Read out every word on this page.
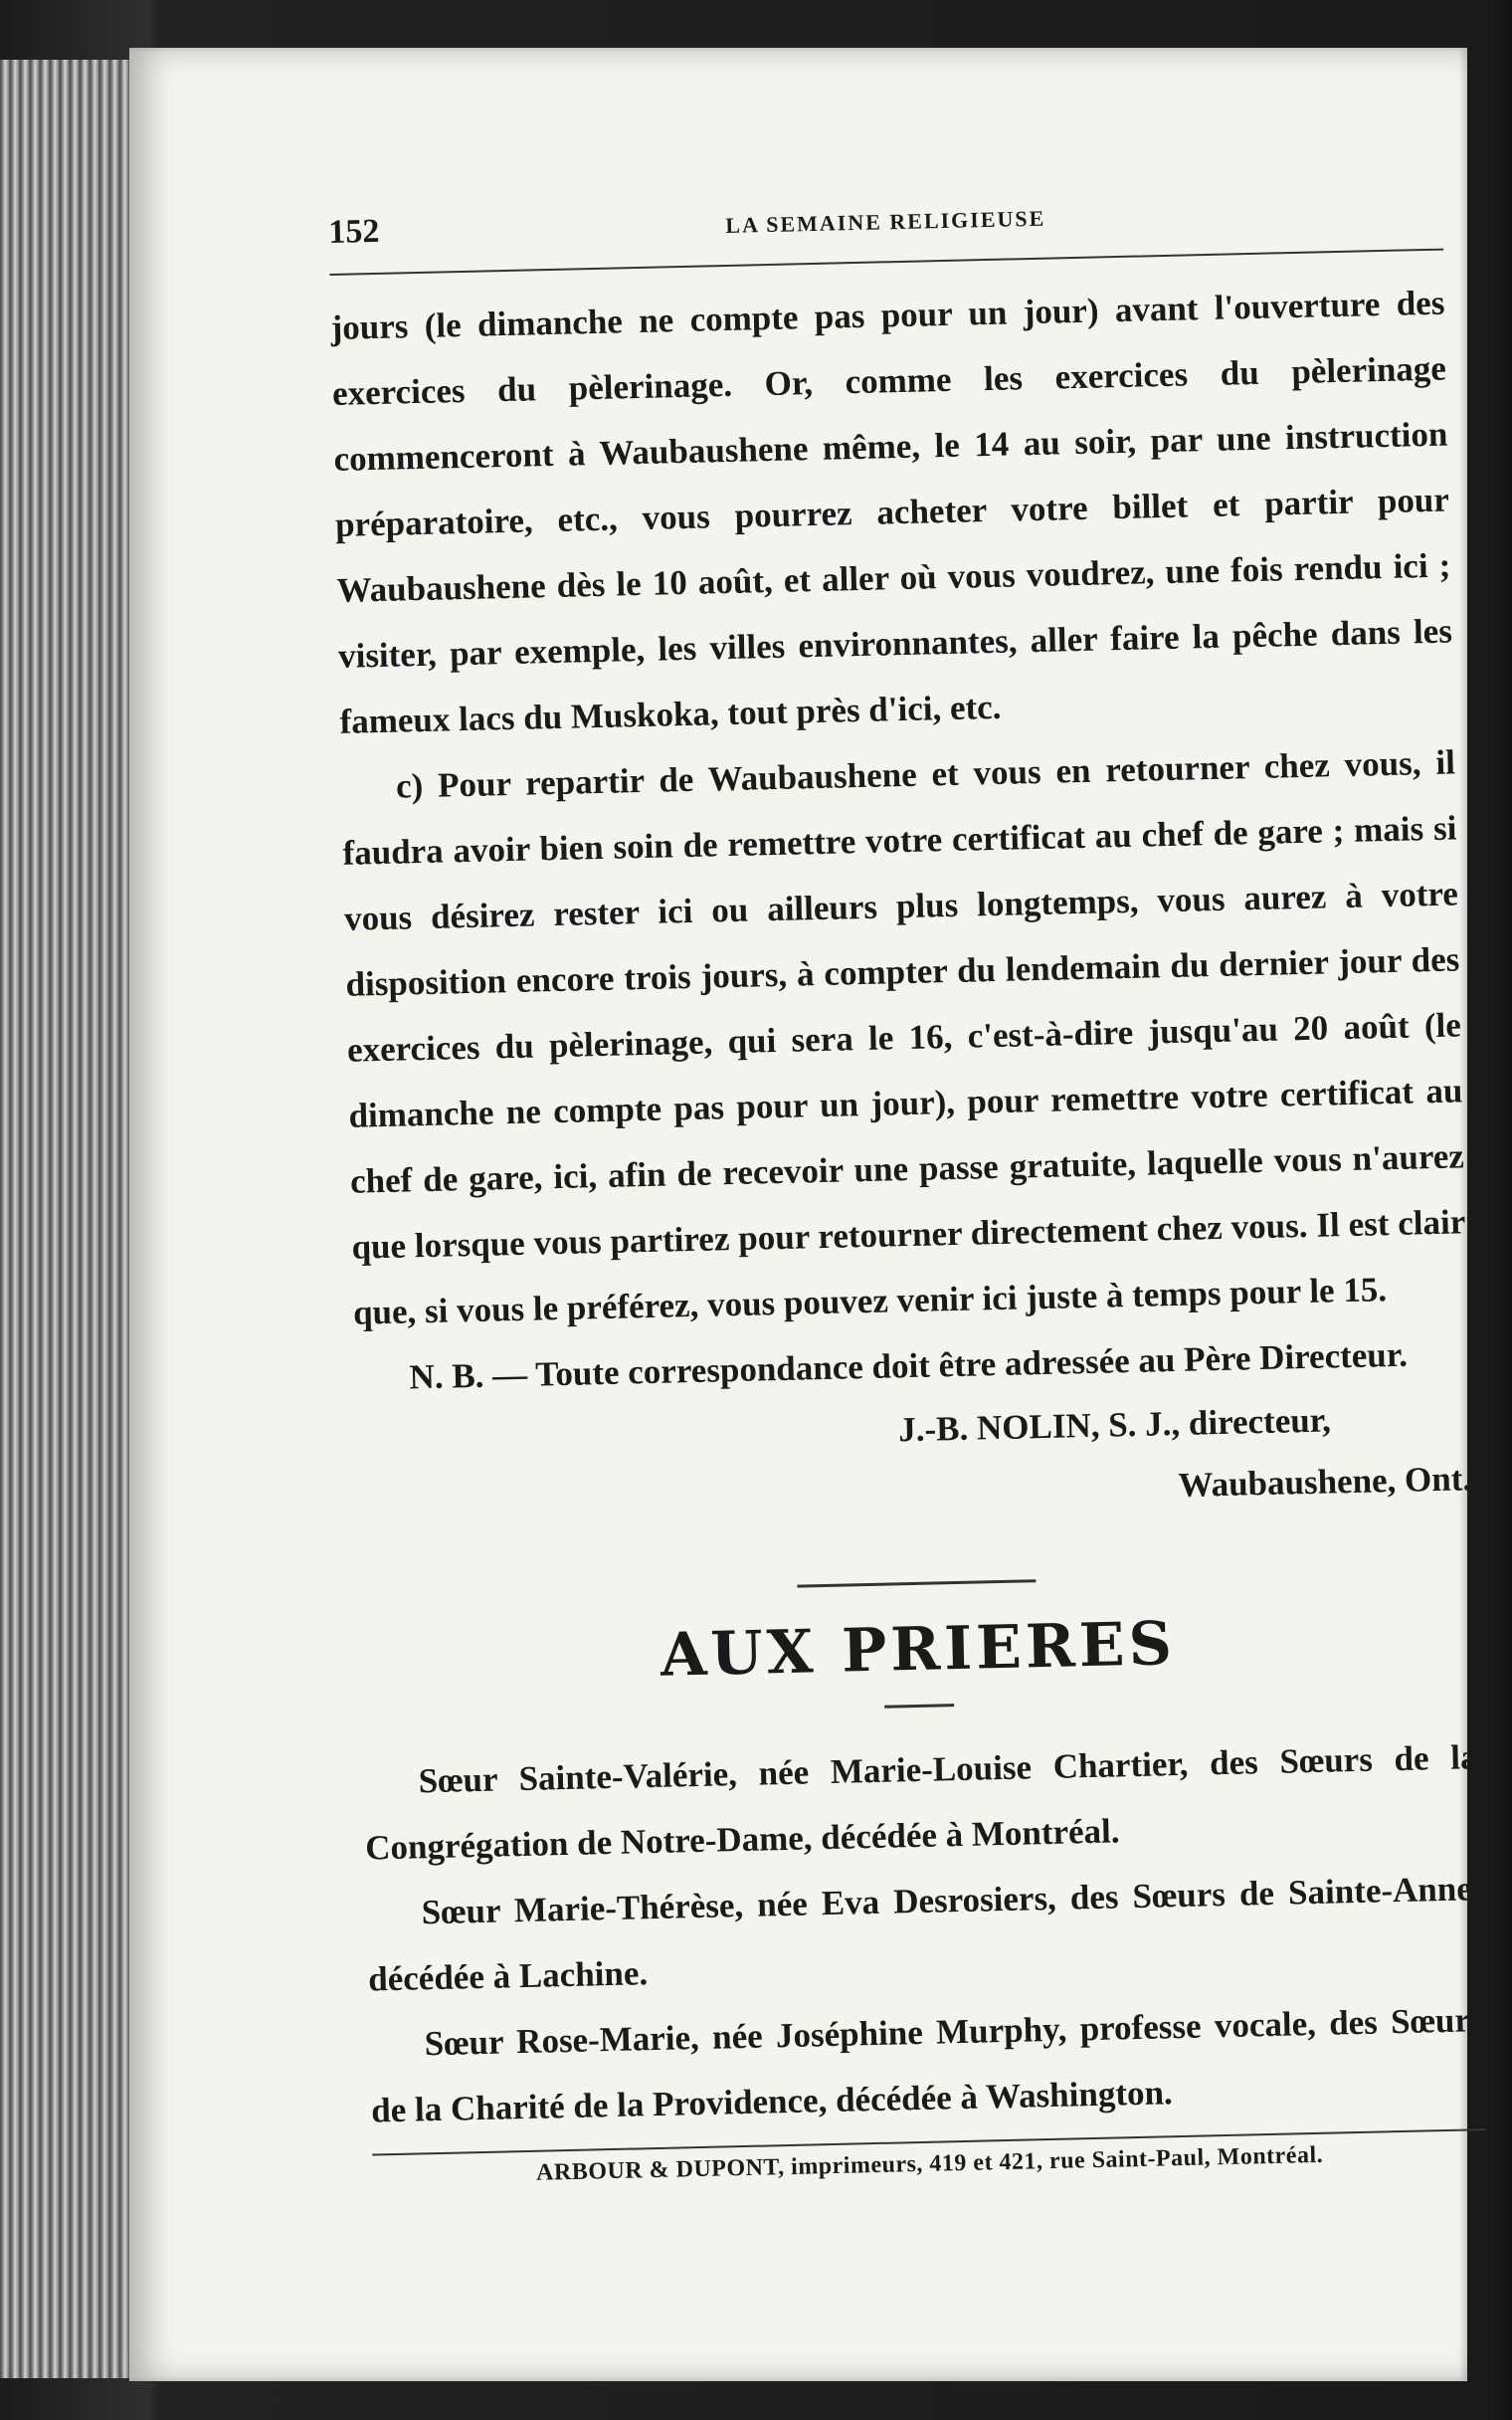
152	LA SEMAINE RELIGIEUSE

jours (le dimanche ne compte pas pour un jour) avant l'ouverture des exercices du pèlerinage. Or, comme les exercices du pèlerinage commenceront à Waubaushene même, le 14 au soir, par une instruction préparatoire, etc., vous pourrez acheter votre billet et partir pour Waubaushene dès le 10 août, et aller où vous voudrez, une fois rendu ici ; visiter, par exemple, les villes environnantes, aller faire la pêche dans les fameux lacs du Muskoka, tout près d'ici, etc.

c) Pour repartir de Waubaushene et vous en retourner chez vous, il faudra avoir bien soin de remettre votre certificat au chef de gare ; mais si vous désirez rester ici ou ailleurs plus longtemps, vous aurez à votre disposition encore trois jours, à compter du lendemain du dernier jour des exercices du pèlerinage, qui sera le 16, c'est-à-dire jusqu'au 20 août (le dimanche ne compte pas pour un jour), pour remettre votre certificat au chef de gare, ici, afin de recevoir une passe gratuite, laquelle vous n'aurez que lorsque vous partirez pour retourner directement chez vous. Il est clair que, si vous le préférez, vous pouvez venir ici juste à temps pour le 15.

N. B. — Toute correspondance doit être adressée au Père Directeur.

J.-B. NOLIN, S. J., directeur,
Waubaushene, Ont.
AUX PRIERES

Sœur Sainte-Valérie, née Marie-Louise Chartier, des Sœurs de la Congrégation de Notre-Dame, décédée à Montréal.

Sœur Marie-Thérèse, née Eva Desrosiers, des Sœurs de Sainte-Anne, décédée à Lachine.

Sœur Rose-Marie, née Joséphine Murphy, professe vocale, des Sœurs de la Charité de la Providence, décédée à Washington.

ARBOUR & DUPONT, imprimeurs, 419 et 421, rue Saint-Paul, Montréal.
